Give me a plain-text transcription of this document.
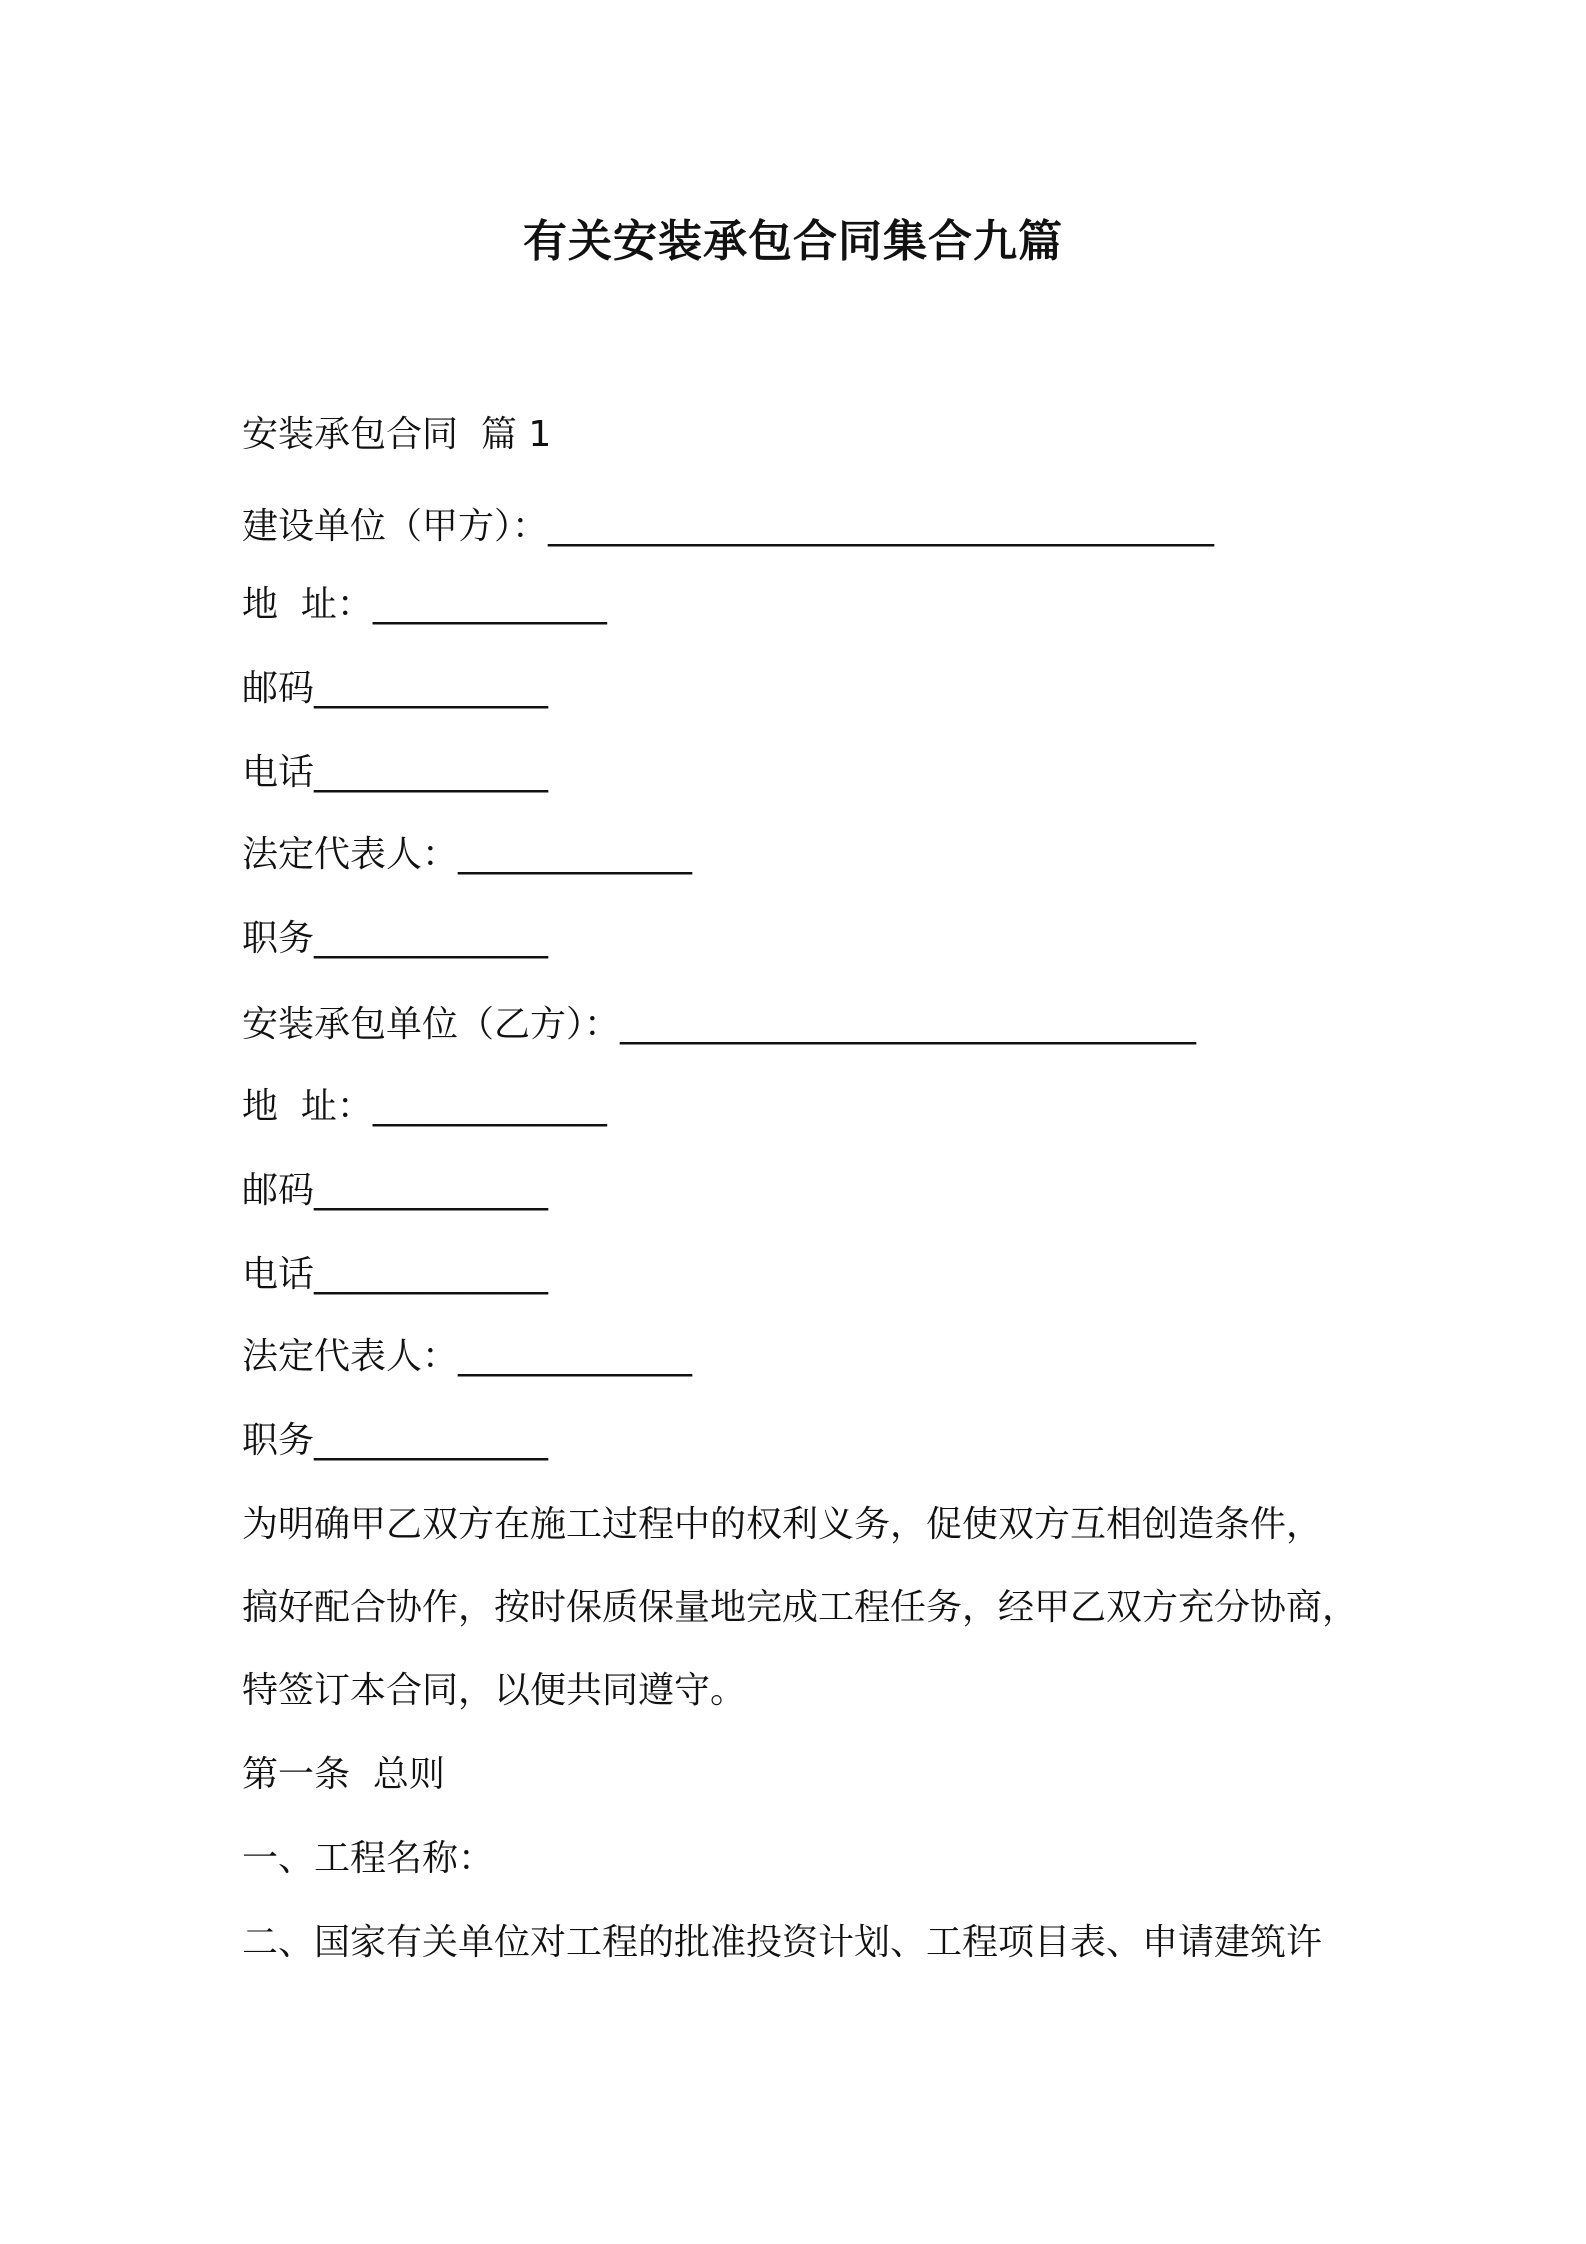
有关安装承包合同集合九篇
安装承包合同  篇 1
建设单位（甲方）：_____________________________________
地  址：_____________
邮码_____________
电话_____________
法定代表人：_____________
职务_____________
安装承包单位（乙方）：________________________________
地  址：_____________
邮码_____________
电话_____________
法定代表人：_____________
职务_____________
为明确甲乙双方在施工过程中的权利义务，促使双方互相创造条件，
搞好配合协作，按时保质保量地完成工程任务，经甲乙双方充分协商，
特签订本合同，以便共同遵守。
第一条  总则
一、工程名称：
二、国家有关单位对工程的批准投资计划、工程项目表、申请建筑许
